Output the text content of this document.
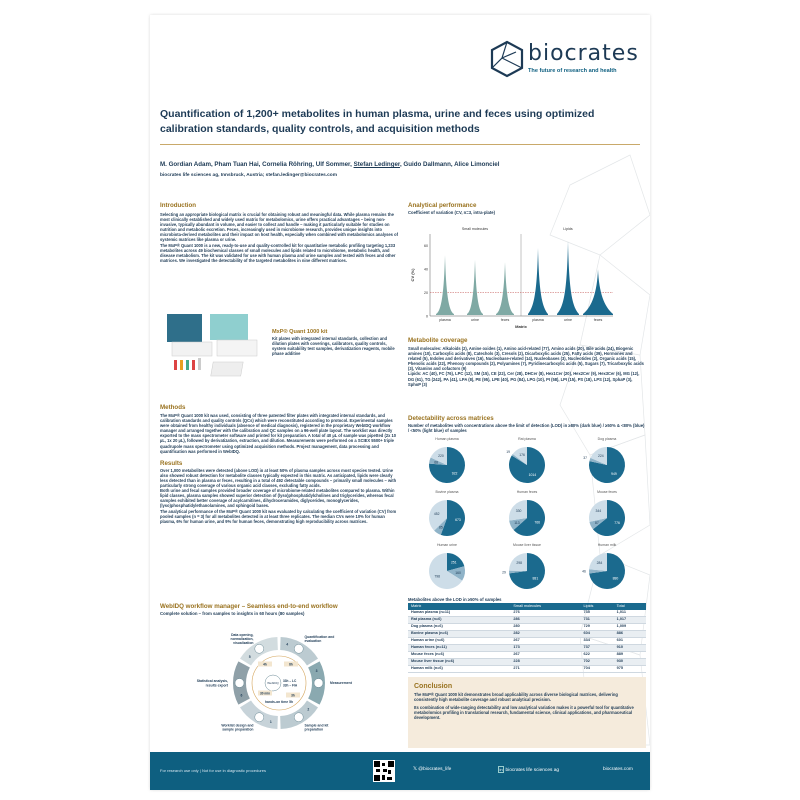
biocrates
The future of research and health
Quantification of 1,200+ metabolites in human plasma, urine and feces using optimized calibration standards, quality controls, and acquisition methods
M. Gordian Adam, Pham Tuan Hai, Cornelia Röhring, Ulf Sommer, Stefan Ledinger, Guido Dallmann, Alice Limonciel
biocrates life sciences ag, Innsbruck, Austria; stefan.ledinger@biocrates.com
Introduction
Selecting an appropriate biological matrix is crucial for obtaining robust and meaningful data. While plasma remains the most clinically established and widely used matrix for metabolomics, urine offers practical advantages – being non-invasive, typically abundant in volume, and easier to collect and handle – making it particularly suitable for studies on nutrition and metabolic excretion. Feces, increasingly used in microbiome research, provides unique insights into microbiota-derived metabolites and their impact on host health, especially when combined with metabolomics analyses of systemic matrices like plasma or urine.
The MxP® Quant 1000 is a new, ready-to-use and quality-controlled kit for quantitative metabolic profiling targeting 1,233 metabolites across 49 biochemical classes of small molecules and lipids related to microbiome, metabolic health, and disease metabolism. The kit was validated for use with human plasma and urine samples and tested with feces and other matrices. We investigated the detectability of the targeted metabolites in nine different matrices.
MxP® Quant 1000 kit
Kit plates with integrated internal standards, collection and dilution plates with coverings, calibrators, quality controls, system suitability test samples, derivatization reagents, mobile phase additive
Methods
The MxP® Quant 1000 kit was used, consisting of three patented filter plates with integrated internal standards, and calibration standards and quality controls (QCs) which were reconstituted according to protocol. Experimental samples were obtained from healthy individuals (absence of medical diagnosis), registered in the proprietary WebIDQ workflow manager and arranged together with the calibration and QC samples on a 96-well plate layout. The worklist was directly exported to the mass spectrometer software and printed for kit preparation. A total of 40 µL of sample was pipetted (2x 10 µL, 1x 20 µL), followed by derivatization, extraction, and dilution. Measurements were performed on a SCIEX 5500+ triple quadrupole mass spectrometer using optimized acquisition methods. Project management, data processing and quantification was performed in WebIDQ.
Results
Over 1,000 metabolites were detected (above LOD) in at least 50% of plasma samples across most species tested. Urine also showed robust detection for metabolite classes typically expected in this matrix. As anticipated, lipids were clearly less detected than in plasma or feces, resulting in a total of 492 detectable compounds – primarily small molecules – with particularly strong coverage of various organic acid classes, excluding fatty acids.
Both urine and fecal samples provided broader coverage of microbiome-related metabolites compared to plasma. Within lipid classes, plasma samples showed superior detection of (lyso)phosphatidylcholines and triglycerides, whereas fecal samples exhibited better coverage of acylcarnitines, dihydroceramides, diglycerides, monoglycerides, (lyso)phosphatidylethanolamines, and sphingoid bases.
The analytical performance of the MxP® Quant 1000 kit was evaluated by calculating the coefficient of variation (CV) from pooled samples (n = 3) for all metabolites detected in at least three replicates. The median CVs were 10% for human plasma, 6% for human urine, and 9% for human feces, demonstrating high reproducibility across matrices.
WebIDQ workflow manager – Seamless end-to-end workflow
Complete solution – from samples to insights in 60 hours (80 samples)
1
Worklist design and sample preparation
2
Sample and kit preparation
3
Measurement
4
Quantification and evaluation
5
Data opening, normalization, visualization
6
Statistical analysis, results export
WebIDQ
33h – LC
33h – FIA
4h	8h
3h
30 min
hands-on time 5h
Analytical performance
Coefficient of variation (CV, n=3, intra-plate)
0
20
40
60
CV (%)
Small molecules
plasma	urine	feces
Lipids
plasma	urine	feces
Matrix
Metabolite coverage
Small molecules: Alkaloids (2), Amine oxides (1), Amino acid-related (77), Amino acids (20), Bile acids (24), Biogenic amines (10), Carboxylic acids (8), Catechols (3), Cresols (2), Dicarboxylic acids (25), Fatty acids (39), Hormones and related (5), Indoles and derivatives (16), Nucleobase-related (14), Nucleobases (3), Nucleotides (2), Organic acids (15), Phenolic acids (22), Phenoxy compounds (2), Polyamines (7), Pyridinecarboxylic acids (5), Sugars (7), Tricarboxylic acids (3), Vitamins and cofactors (9)
Lipids: AC (40), FC (76), LPC (12), SM (15), CE (22), Cer (28), DHCer (8), Hex1Cer (20), Hex2Cer (9), Hex3Cer (6), MG (12), DG (61), TG (242), PA (41), LPA (8), PE (95), LPE (40), PG (84), LPG (10), PI (58), LPI (15), PS (18), LPS (12), SphaP (3), SphoP (3)
Detectability across matrices
Number of metabolites with concentrations above the limit of detection (LOD) in ≥80% (dark blue) / ≥50% & <80% (blue) / <50% (light blue) of samples
Human plasma
922
68
220
Rat plasma
1014
19
176
Dog plasma
949
37
224
Bovine plasma
673
85
452
Human feces
766
113
330
Mouse feces
776
87
344
Human urine
251
160
798
Mouse liver tissue
881
29
298
Human milk
880
46
284
Metabolites above the LOD in ≥50% of samples
Matrix	Small molecules	Lipids	Total
Human plasma (n=11)	276	735	1,011
Rat plasma (n=6)	286	731	1,017
Dog plasma (n=6)	280	729	1,009
Bovine plasma (n=6)	282	604	886
Human urine (n=6)	267	334	601
Human feces (n=11)	173	737	910
Mouse feces (n=6)	267	622	889
Mouse liver tissue (n=6)	228	702	930
Human milk (n=6)	271	704	975
Conclusion
The MxP® Quant 1000 kit demonstrates broad applicability across diverse biological matrices, delivering consistently high metabolite coverage and robust analytical precision.
Its combination of wide-ranging detectability and low analytical variation makes it a powerful tool for quantitative metabolomics profiling in translational research, fundamental science, clinical applications, and pharmaceutical development.
For research use only | Not for use in diagnostic procedures	𝕏 @biocrates_life	in biocrates life sciences ag	biocrates.com
